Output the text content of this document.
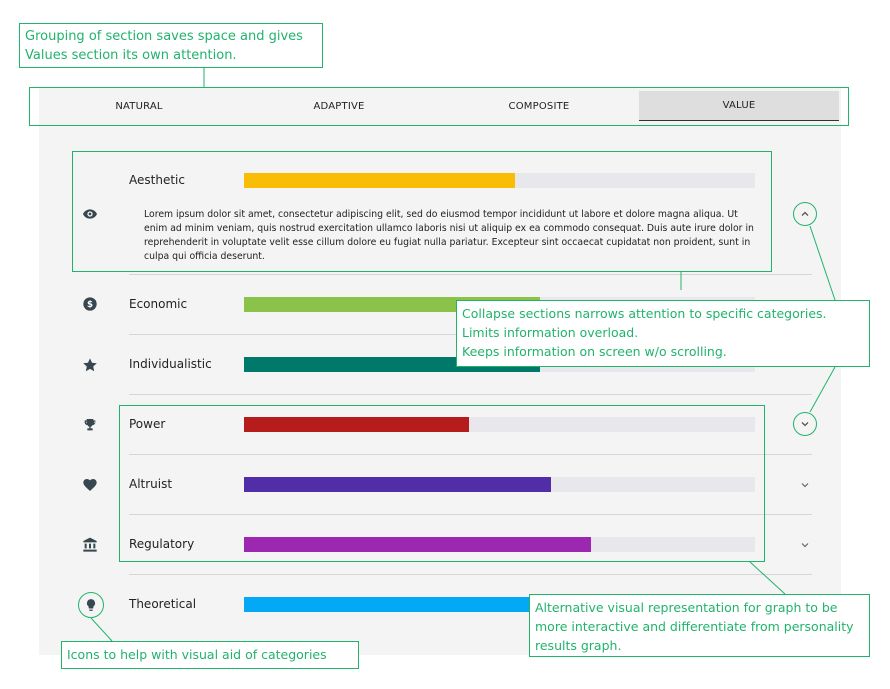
NATURAL	ADAPTIVE	COMPOSITE	VALUE
Aesthetic
Lorem ipsum dolor sit amet, consectetur adipiscing elit, sed do eiusmod tempor incididunt ut labore et dolore magna aliqua. Ut enim ad minim veniam, quis nostrud exercitation ullamco laboris nisi ut aliquip ex ea commodo consequat. Duis aute irure dolor in reprehenderit in voluptate velit esse cillum dolore eu fugiat nulla pariatur. Excepteur sint occaecat cupidatat non proident, sunt in culpa qui officia deserunt.
$	Economic
Individualistic
Power
Altruist
Regulatory
Theoretical
Grouping of section saves space and gives Values section its own attention.
Collapse sections narrows attention to specific categories.
Limits information overload.
Keeps information on screen w/o scrolling.
Alternative visual representation for graph to be more interactive and differentiate from personality results graph.
Icons to help with visual aid of categories
